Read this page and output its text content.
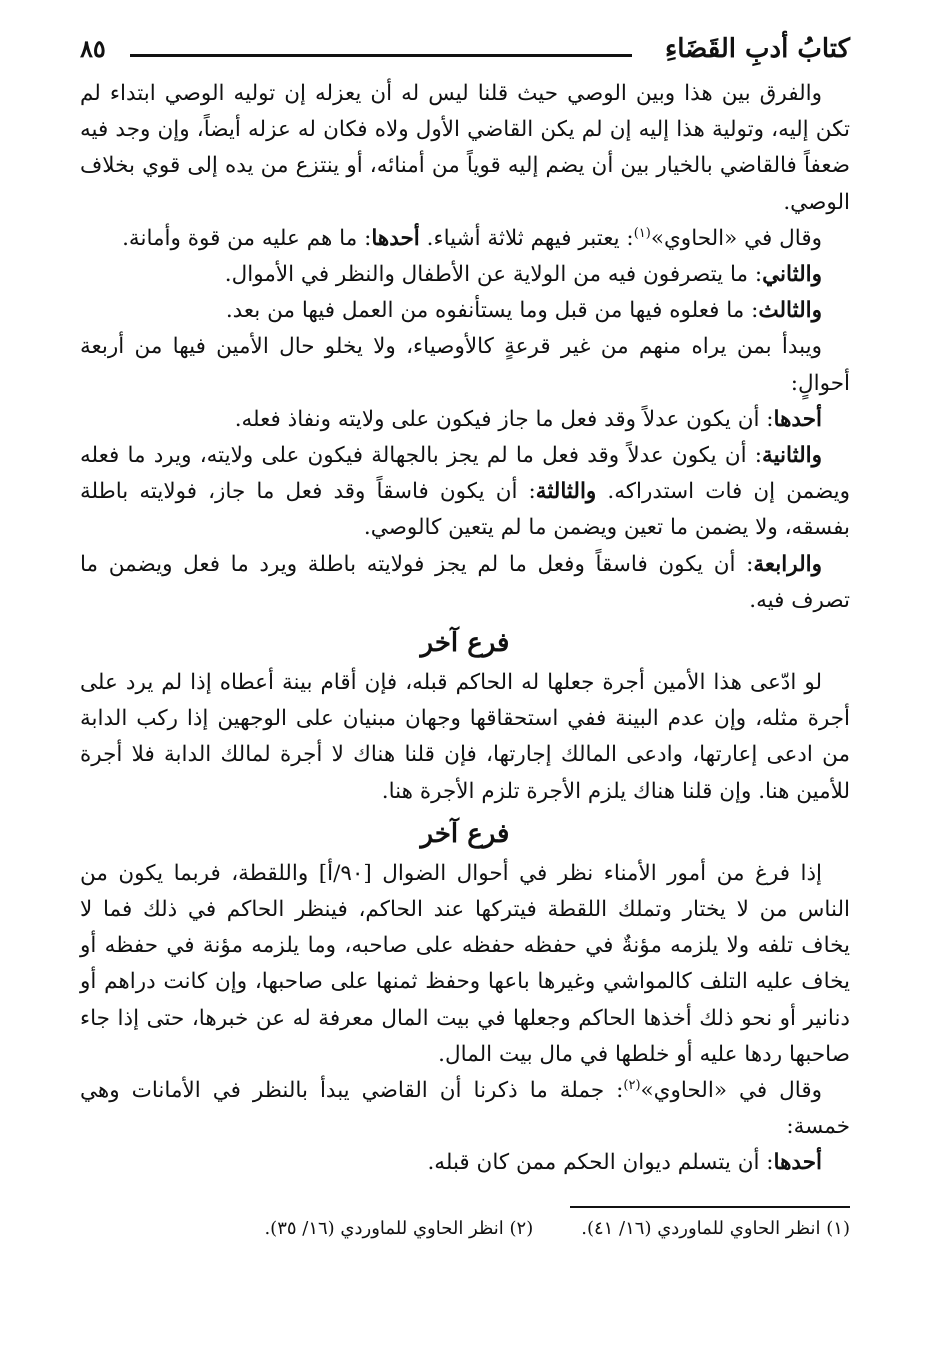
كتابُ أدبِ القَضَاءِ
٨٥

والفرق بين هذا وبين الوصي حيث قلنا ليس له أن يعزله إن توليه الوصي ابتداء لم تكن إليه، وتولية هذا إليه إن لم يكن القاضي الأول ولاه فكان له عزله أيضاً، وإن وجد فيه ضعفاً فالقاضي بالخيار بين أن يضم إليه قوياً من أمنائه، أو ينتزع من يده إلى قوي بخلاف الوصي.

وقال في «الحاوي»$^{(١)}$: يعتبر فيهم ثلاثة أشياء. أحدها: ما هم عليه من قوة وأمانة.

والثاني: ما يتصرفون فيه من الولاية عن الأطفال والنظر في الأموال.

والثالث: ما فعلوه فيها من قبل وما يستأنفوه من العمل فيها من بعد.

ويبدأ بمن يراه منهم من غير قرعةٍ كالأوصياء، ولا يخلو حال الأمين فيها من أربعة أحوالٍ:

أحدها: أن يكون عدلاً وقد فعل ما جاز فيكون على ولايته ونفاذ فعله.

والثانية: أن يكون عدلاً وقد فعل ما لم يجز بالجهالة فيكون على ولايته، ويرد ما فعله ويضمن إن فات استدراكه. والثالثة: أن يكون فاسقاً وقد فعل ما جاز، فولايته باطلة بفسقه، ولا يضمن ما تعين ويضمن ما لم يتعين كالوصي.

والرابعة: أن يكون فاسقاً وفعل ما لم يجز فولايته باطلة ويرد ما فعل ويضمن ما تصرف فيه.

فرع آخر

لو ادّعى هذا الأمين أجرة جعلها له الحاكم قبله، فإن أقام بينة أعطاه إذا لم يرد على أجرة مثله، وإن عدم البينة ففي استحقاقها وجهان مبنيان على الوجهين إذا ركب الدابة من ادعى إعارتها، وادعى المالك إجارتها، فإن قلنا هناك لا أجرة لمالك الدابة فلا أجرة للأمين هنا. وإن قلنا هناك يلزم الأجرة تلزم الأجرة هنا.

فرع آخر

إذا فرغ من أمور الأمناء نظر في أحوال الضوال [٩٠/أ] واللقطة، فربما يكون من الناس من لا يختار وتملك اللقطة فيتركها عند الحاكم، فينظر الحاكم في ذلك فما لا يخاف تلفه ولا يلزمه مؤنةٌ في حفظه حفظه على صاحبه، وما يلزمه مؤنة في حفظه أو يخاف عليه التلف كالمواشي وغيرها باعها وحفظ ثمنها على صاحبها، وإن كانت دراهم أو دنانير أو نحو ذلك أخذها الحاكم وجعلها في بيت المال معرفة له عن خبرها، حتى إذا جاء صاحبها ردها عليه أو خلطها في مال بيت المال.

وقال في «الحاوي»$^{(٢)}$: جملة ما ذكرنا أن القاضي يبدأ بالنظر في الأمانات وهي خمسة:

أحدها: أن يتسلم ديوان الحكم ممن كان قبله.

(١) انظر الحاوي للماوردي (١٦/ ٤١).
(٢) انظر الحاوي للماوردي (١٦/ ٣٥).
